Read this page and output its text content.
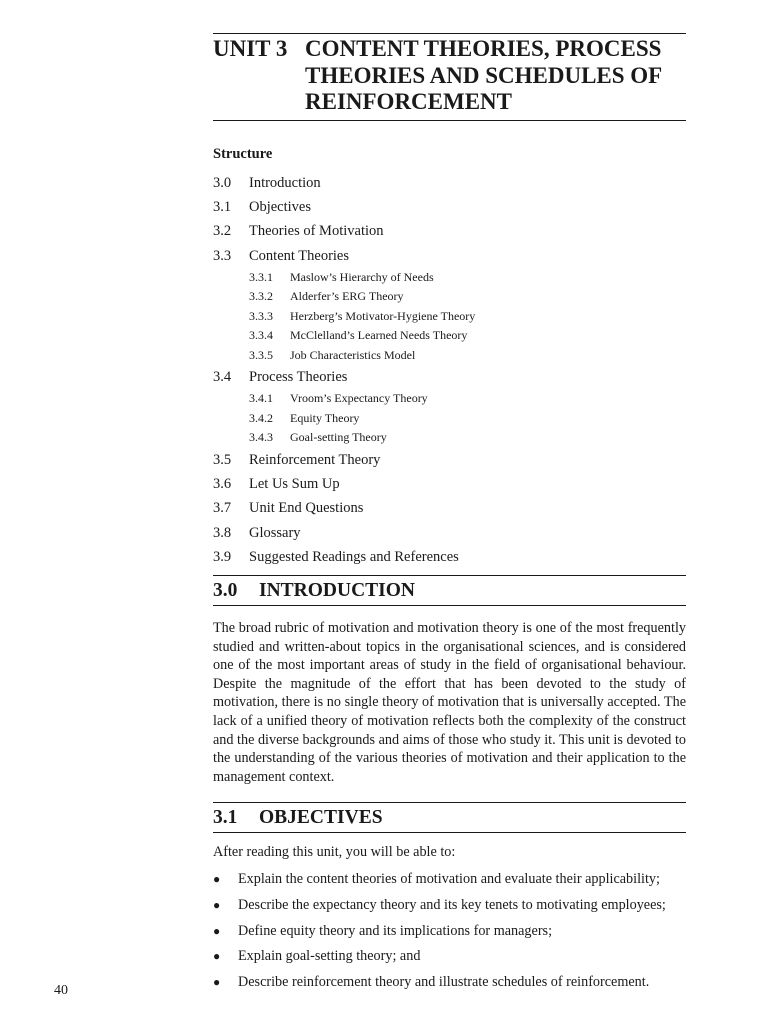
UNIT 3 CONTENT THEORIES, PROCESS
THEORIES AND SCHEDULES OF
REINFORCEMENT
Structure
3.0	Introduction
3.1	Objectives
3.2	Theories of Motivation
3.3	Content Theories
3.3.1	Maslow’s Hierarchy of Needs
3.3.2	Alderfer’s ERG Theory
3.3.3	Herzberg’s Motivator-Hygiene Theory
3.3.4	McClelland’s Learned Needs Theory
3.3.5	Job Characteristics Model
3.4	Process Theories
3.4.1	Vroom’s Expectancy Theory
3.4.2	Equity Theory
3.4.3	Goal-setting Theory
3.5	Reinforcement Theory
3.6	Let Us Sum Up
3.7	Unit End Questions
3.8	Glossary
3.9	Suggested Readings and References
3.0	INTRODUCTION

The broad rubric of motivation and motivation theory is one of the most frequently studied and written-about topics in the organisational sciences, and is considered one of the most important areas of study in the field of organisational behaviour. Despite the magnitude of the effort that has been devoted to the study of motivation, there is no single theory of motivation that is universally accepted. The lack of a unified theory of motivation reflects both the complexity of the construct and the diverse backgrounds and aims of those who study it. This unit is devoted to the understanding of the various theories of motivation and their application to the management context.

3.1	OBJECTIVES
After reading this unit, you will be able to:
●	Explain the content theories of motivation and evaluate their applicability;
●	Describe the expectancy theory and its key tenets to motivating employees;
●	Define equity theory and its implications for managers;
●	Explain goal-setting theory; and
●	Describe reinforcement theory and illustrate schedules of reinforcement.
40
